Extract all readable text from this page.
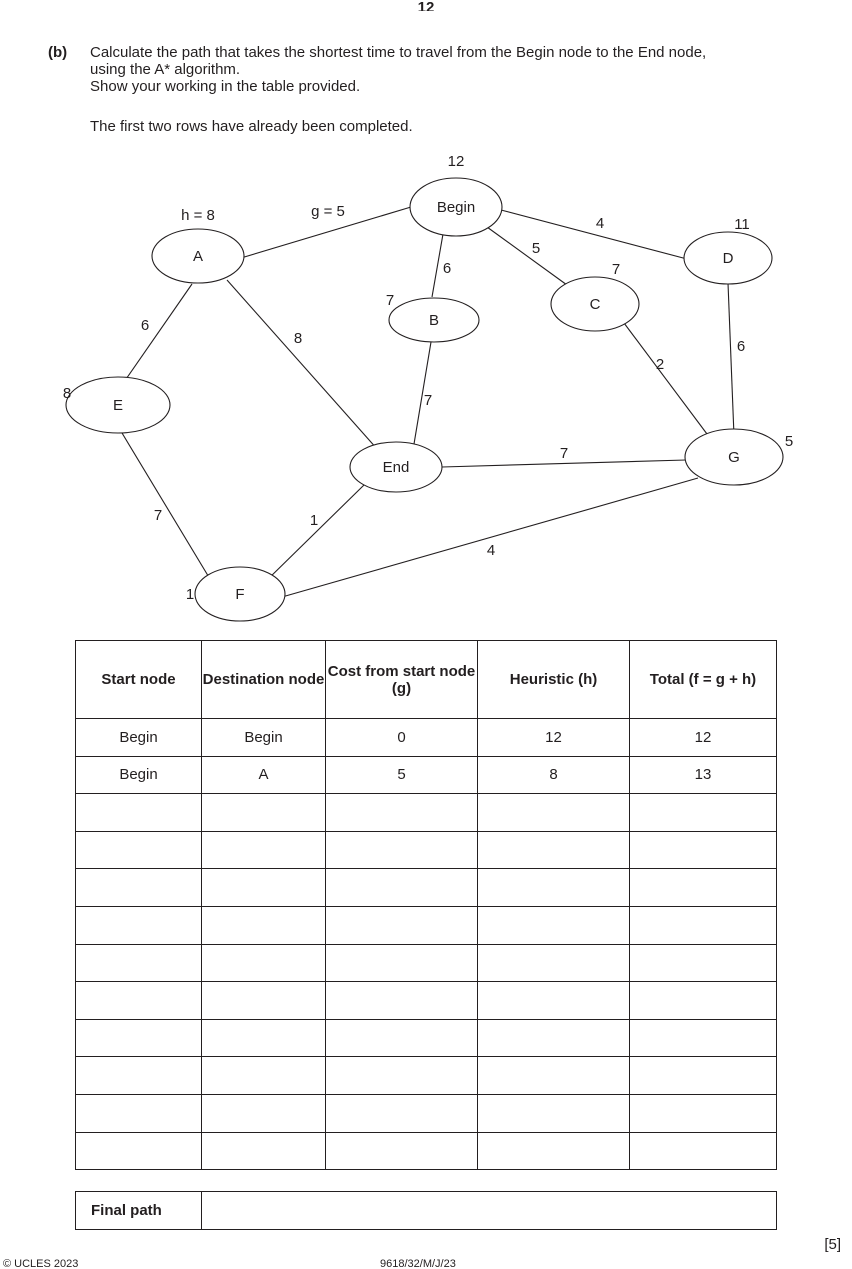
12
(b) Calculate the path that takes the shortest time to travel from the Begin node to the End node,
using the A* algorithm.
Show your working in the table provided.
The first two rows have already been completed.
Begin
A
B
C
D
E
End
G
F
12
h = 8
7
7
11
8
5
1
g = 5
6
5
4
6
8
7
2
6
7
7	1
4
Start node	Destination node	Cost from start node (g)	Heuristic (h)	Total (f = g + h)
Begin	Begin	0	12	12
Begin	A	5	8	13

Final path	
[5]
© UCLES 2023	9618/32/M/J/23
